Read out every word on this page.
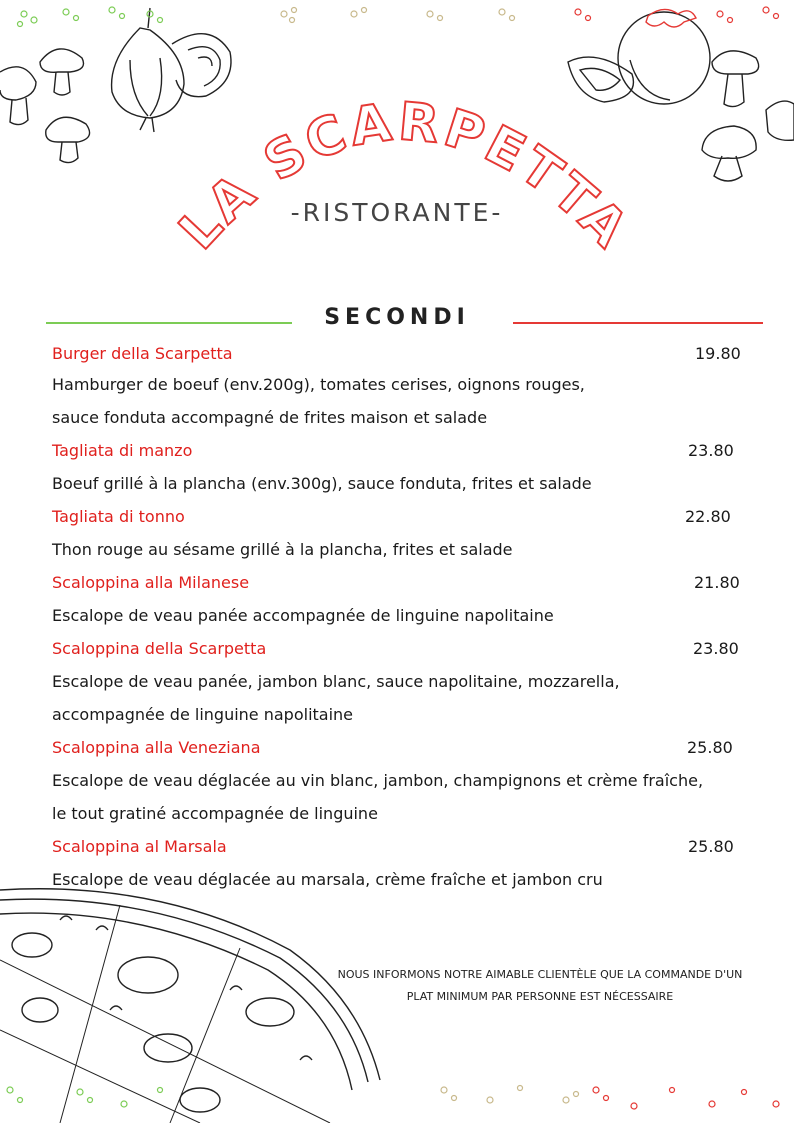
LA SCARPETTA
-RISTORANTE-
SECONDI
Burger della Scarpetta	19.80
Hamburger de boeuf (env.200g), tomates cerises, oignons rouges,
sauce fonduta accompagné de frites maison et salade
Tagliata di manzo	23.80
Boeuf grillé à la plancha (env.300g), sauce fonduta, frites et salade
Tagliata di tonno	22.80
Thon rouge au sésame grillé à la plancha, frites et salade
Scaloppina alla Milanese	21.80
Escalope de veau panée accompagnée de linguine napolitaine
Scaloppina della Scarpetta	23.80
Escalope de veau panée, jambon blanc, sauce napolitaine, mozzarella,
accompagnée de linguine napolitaine
Scaloppina alla Veneziana	25.80
Escalope de veau déglacée au vin blanc, jambon, champignons et crème fraîche,
le tout gratiné accompagnée de linguine
Scaloppina al Marsala	25.80
Escalope de veau déglacée au marsala, crème fraîche et jambon cru
NOUS INFORMONS NOTRE AIMABLE CLIENTÈLE QUE LA COMMANDE D'UN
PLAT MINIMUM PAR PERSONNE EST NÉCESSAIRE
